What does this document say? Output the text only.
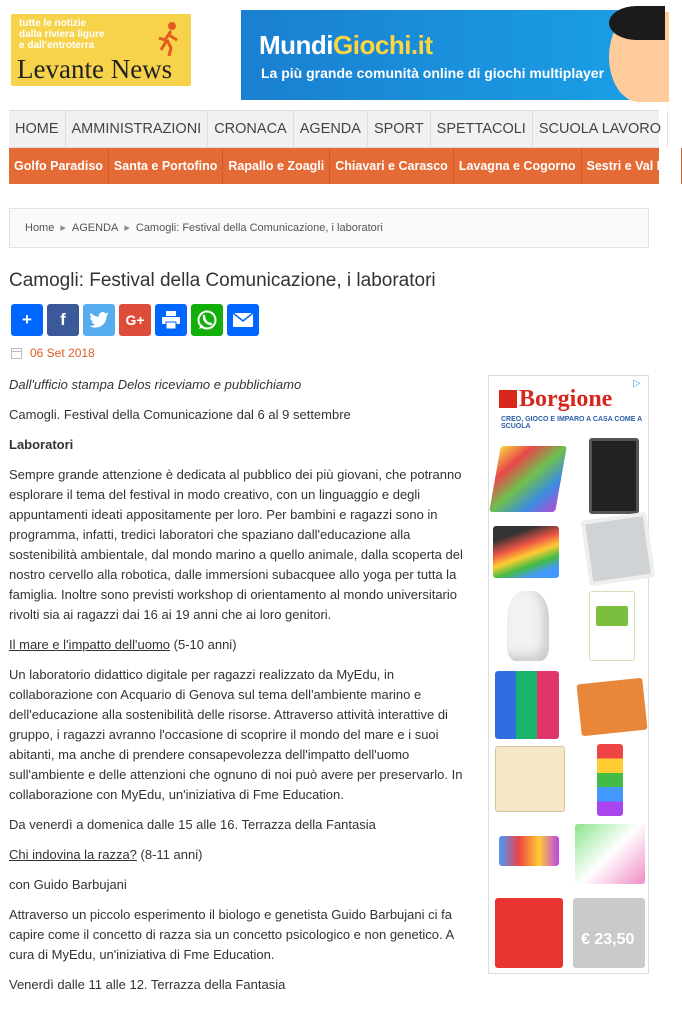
tutte le notizie
dalla riviera ligure
e dall'entroterra
Levante News
MundiGiochi.it
La più grande comunità online di giochi multiplayer
HOME AMMINISTRAZIONI CRONACA AGENDA SPORT SPETTACOLI SCUOLA LAVORO
Golfo Paradiso Santa e Portofino Rapallo e Zoagli Chiavari e Carasco Lavagna e Cogorno Sestri e Val Pet
Home ▸ AGENDA ▸ Camogli: Festival della Comunicazione, i laboratori
Camogli: Festival della Comunicazione, i laboratori
+ f	G+
06 Set 2018

Dall'ufficio stampa Delos riceviamo e pubblichiamo

Camogli. Festival della Comunicazione dal 6 al 9 settembre

Laboratori

Sempre grande attenzione è dedicata al pubblico dei più giovani, che potranno esplorare il tema del festival in modo creativo, con un linguaggio e degli appuntamenti ideati appositamente per loro. Per bambini e ragazzi sono in programma, infatti, tredici laboratori che spaziano dall'educazione alla sostenibilità ambientale, dal mondo marino a quello animale, dalla scoperta del nostro cervello alla robotica, dalle immersioni subacquee allo yoga per tutta la famiglia. Inoltre sono previsti workshop di orientamento al mondo universitario rivolti sia ai ragazzi dai 16 ai 19 anni che ai loro genitori.

Il mare e l'impatto dell'uomo (5-10 anni)

Un laboratorio didattico digitale per ragazzi realizzato da MyEdu, in collaborazione con Acquario di Genova sul tema dell'ambiente marino e dell'educazione alla sostenibilità delle risorse. Attraverso attività interattive di gruppo, i ragazzi avranno l'occasione di scoprire il mondo del mare e i suoi abitanti, ma anche di prendere consapevolezza dell'impatto dell'uomo sull'ambiente e delle attenzioni che ognuno di noi può avere per preservarlo. In collaborazione con MyEdu, un'iniziativa di Fme Education.

Da venerdì a domenica dalle 15 alle 16. Terrazza della Fantasia

Chi indovina la razza? (8-11 anni)

con Guido Barbujani

Attraverso un piccolo esperimento il biologo e genetista Guido Barbujani ci fa capire come il concetto di razza sia un concetto psicologico e non genetico. A cura di MyEdu, un'iniziativa di Fme Education.

Venerdì dalle 11 alle 12. Terrazza della Fantasia

▷
Borgione
CREO, GIOCO E IMPARO A CASA COME A SCUOLA
€ 23,50
